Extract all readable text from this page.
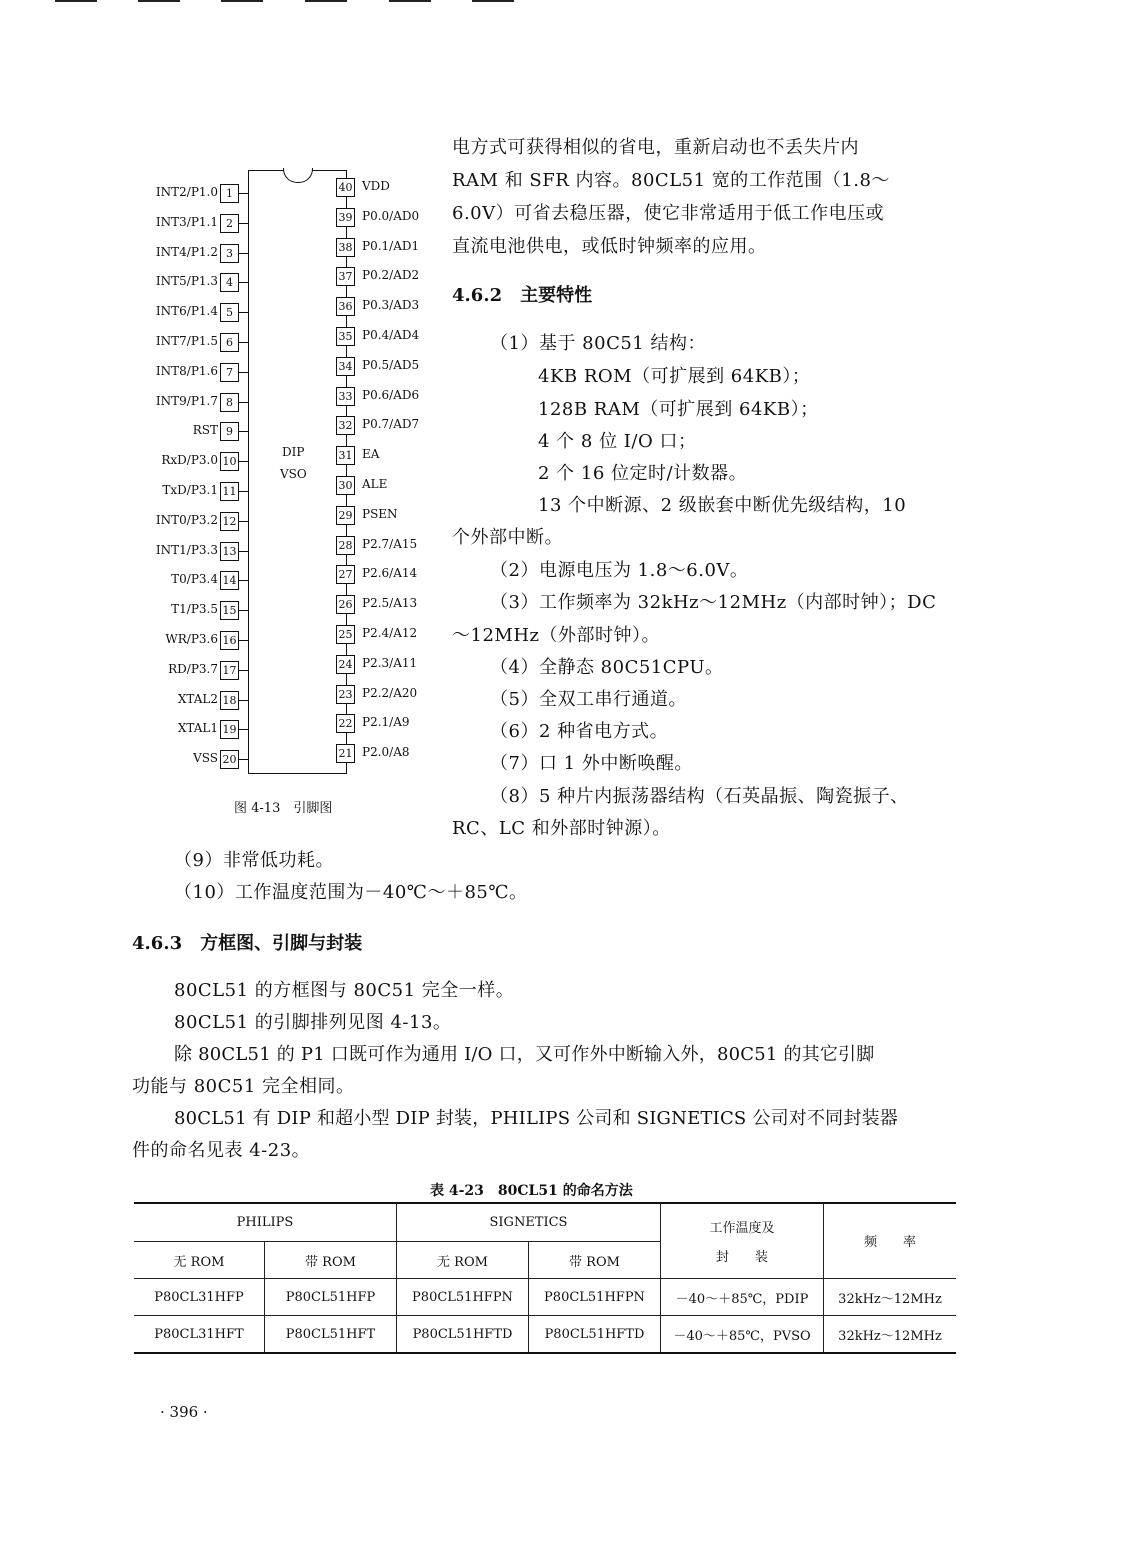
DIP
VSO
INT2/P1.0 1
INT3/P1.1 2
INT4/P1.2 3
INT5/P1.3 4
INT6/P1.4 5
INT7/P1.5 6
INT8/P1.6 7
INT9/P1.7 8
RST 9
RxD/P3.0 10
TxD/P3.1 11
INT0/P3.2 12
INT1/P3.3 13
T0/P3.4 14
T1/P3.5 15
WR/P3.6 16
RD/P3.7 17
XTAL2 18
XTAL1 19
VSS 20
40 VDD
39 P0.0/AD0
38 P0.1/AD1
37 P0.2/AD2
36 P0.3/AD3
35 P0.4/AD4
34 P0.5/AD5
33 P0.6/AD6
32 P0.7/AD7
31 EA
30 ALE
29 PSEN
28 P2.7/A15
27 P2.6/A14
26 P2.5/A13
25 P2.4/A12
24 P2.3/A11
23 P2.2/A20
22 P2.1/A9
21 P2.0/A8
图 4-13　引脚图
电方式可获得相似的省电，重新启动也不丢失片内
RAM 和 SFR 内容。80CL51 宽的工作范围（1.8～
6.0V）可省去稳压器，使它非常适用于低工作电压或
直流电池供电，或低时钟频率的应用。
4.6.2　主要特性
（1）基于 80C51 结构：
4KB ROM（可扩展到 64KB）；
128B RAM（可扩展到 64KB）；
4 个 8 位 I/O 口；
2 个 16 位定时/计数器。
13 个中断源、2 级嵌套中断优先级结构，10
个外部中断。
（2）电源电压为 1.8～6.0V。
（3）工作频率为 32kHz～12MHz（内部时钟）；DC
～12MHz（外部时钟）。
（4）全静态 80C51CPU。
（5）全双工串行通道。
（6）2 种省电方式。
（7）口 1 外中断唤醒。
（8）5 种片内振荡器结构（石英晶振、陶瓷振子、
RC、LC 和外部时钟源）。
（9）非常低功耗。
（10）工作温度范围为－40℃～＋85℃。
4.6.3　方框图、引脚与封装
80CL51 的方框图与 80C51 完全一样。
80CL51 的引脚排列见图 4-13。
除 80CL51 的 P1 口既可作为通用 I/O 口，又可作外中断输入外，80C51 的其它引脚
功能与 80C51 完全相同。
80CL51 有 DIP 和超小型 DIP 封装，PHILIPS 公司和 SIGNETICS 公司对不同封装器
件的命名见表 4-23。
表 4-23　80CL51 的命名方法
PHILIPS		SIGNETICS		工作温度及
封　　装	频　　率
无 ROM	带 ROM	无 ROM	带 ROM		
P80CL31HFP	P80CL51HFP	P80CL51HFPN	P80CL51HFPN	－40～＋85℃，PDIP	32kHz～12MHz
P80CL31HFT	P80CL51HFT	P80CL51HFTD	P80CL51HFTD	－40～＋85℃，PVSO	32kHz～12MHz
· 396 ·
